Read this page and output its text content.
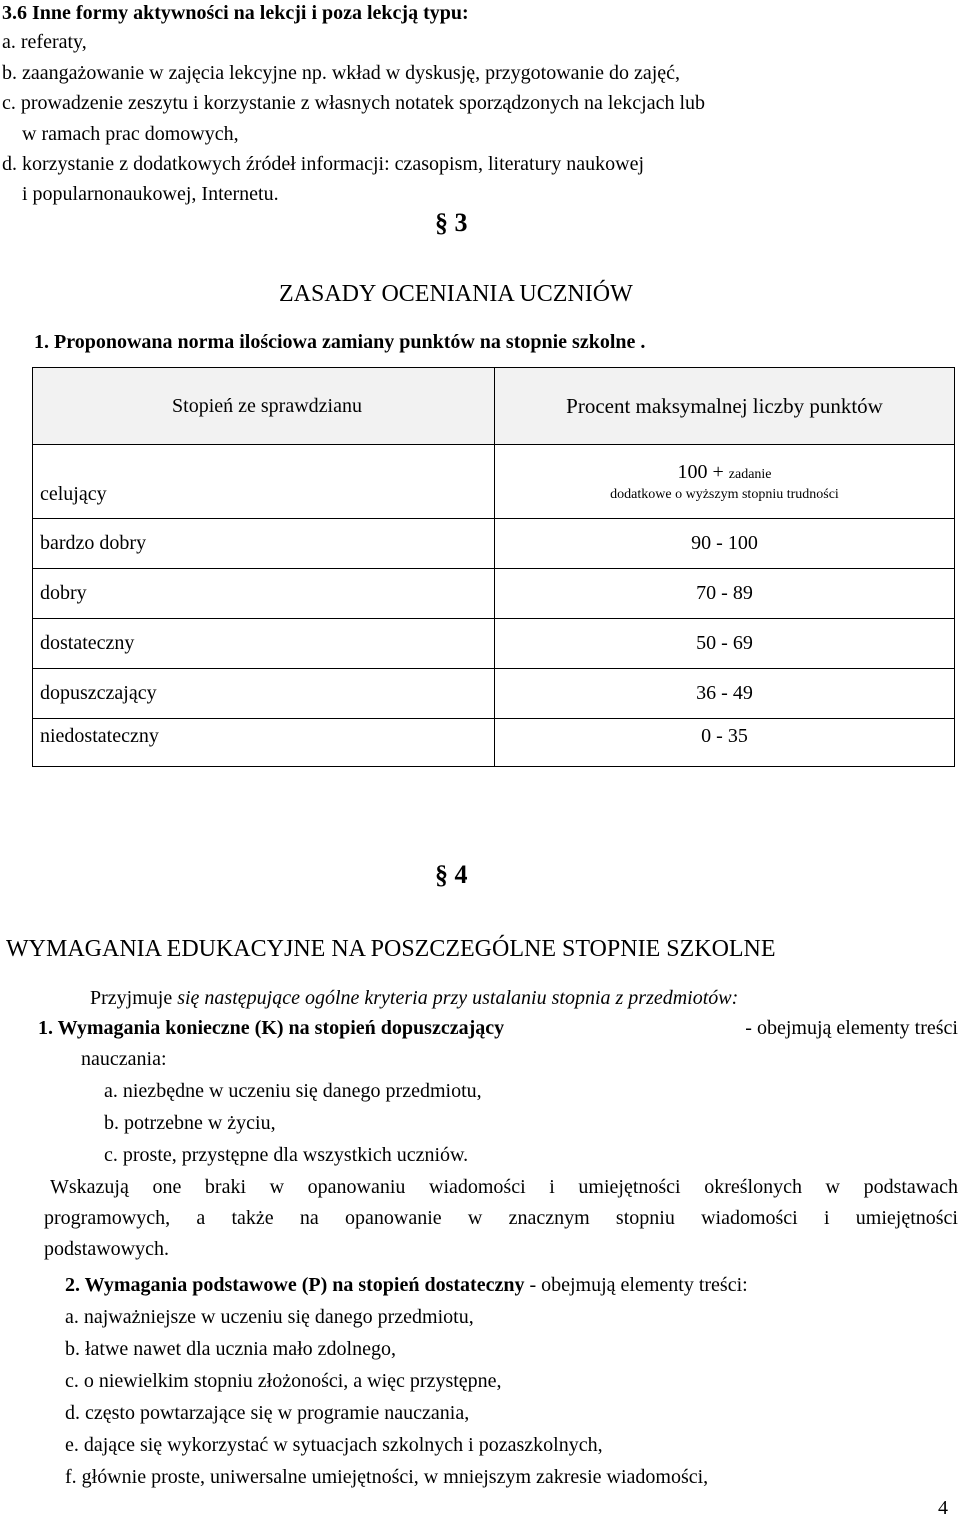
3.6 Inne formy aktywności na lekcji i poza lekcją typu:
a. referaty,
b. zaangażowanie w zajęcia lekcyjne np. wkład w dyskusję, przygotowanie do zajęć,
c. prowadzenie zeszytu i korzystanie z własnych notatek sporządzonych na lekcjach lub
w ramach prac domowych,
d. korzystanie z dodatkowych źródeł informacji: czasopism, literatury naukowej
i popularnonaukowej, Internetu.
§ 3
ZASADY OCENIANIA UCZNIÓW
1. Proponowana norma ilościowa zamiany punktów na stopnie szkolne .
Stopień ze sprawdzianu	Procent maksymalnej liczby punktów
celujący	100 + zadanie
dodatkowe o wyższym stopniu trudności

bardzo dobry	90 - 100
dobry	70 - 89
dostateczny	50 - 69
dopuszczający	36 - 49
niedostateczny	0 - 35
§ 4
WYMAGANIA EDUKACYJNE NA POSZCZEGÓLNE STOPNIE SZKOLNE
Przyjmuje się następujące ogólne kryteria przy ustalaniu stopnia z przedmiotów:
1. Wymagania konieczne (K) na stopień dopuszczający	- obejmują elementy treści
nauczania:
a. niezbędne w uczeniu się danego przedmiotu,
b. potrzebne w życiu,
c. proste, przystępne dla wszystkich uczniów.
Wskazują one braki w opanowaniu wiadomości i umiejętności określonych w podstawach
programowych, a także na opanowanie w znacznym stopniu wiadomości i umiejętności
podstawowych.
2. Wymagania podstawowe (P) na stopień dostateczny - obejmują elementy treści:
a. najważniejsze w uczeniu się danego przedmiotu,
b. łatwe nawet dla ucznia mało zdolnego,
c. o niewielkim stopniu złożoności, a więc przystępne,
d. często powtarzające się w programie nauczania,
e. dające się wykorzystać w sytuacjach szkolnych i pozaszkolnych,
f. głównie proste, uniwersalne umiejętności, w mniejszym zakresie wiadomości,
4
